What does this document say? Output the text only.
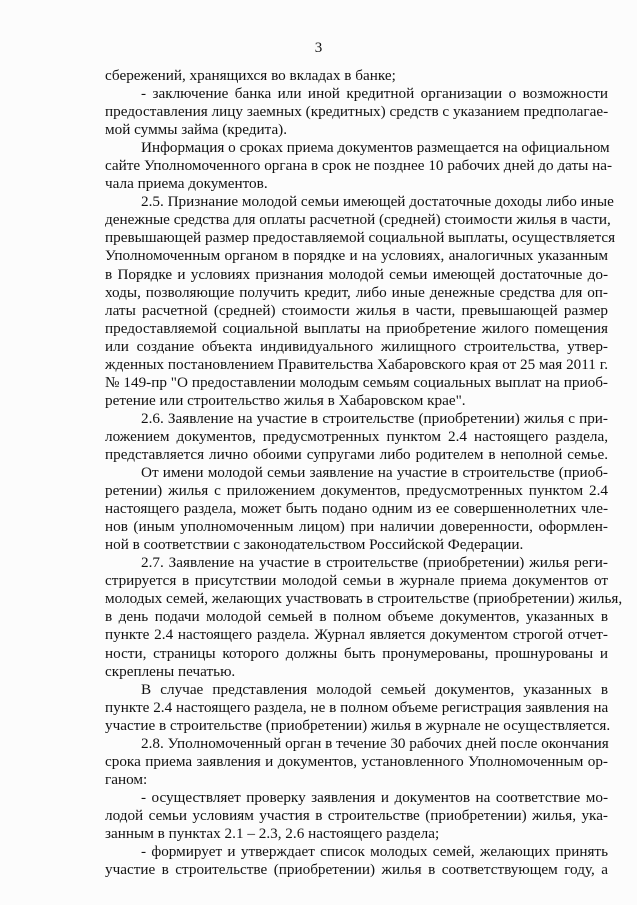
3
сбережений, хранящихся во вкладах в банке;
- заключение банка или иной кредитной организации о возможности
предоставления лицу заемных (кредитных) средств с указанием предполагае-
мой суммы займа (кредита).
Информация о сроках приема документов размещается на официальном
сайте Уполномоченного органа в срок не позднее 10 рабочих дней до даты на-
чала приема документов.
2.5. Признание молодой семьи имеющей достаточные доходы либо иные
денежные средства для оплаты расчетной (средней) стоимости жилья в части,
превышающей размер предоставляемой социальной выплаты, осуществляется
Уполномоченным органом в порядке и на условиях, аналогичных указанным
в Порядке и условиях признания молодой семьи имеющей достаточные до-
ходы, позволяющие получить кредит, либо иные денежные средства для оп-
латы расчетной (средней) стоимости жилья в части, превышающей размер
предоставляемой социальной выплаты на приобретение жилого помещения
или создание объекта индивидуального жилищного строительства, утвер-
жденных постановлением Правительства Хабаровского края от 25 мая 2011 г.
№ 149-пр "О предоставлении молодым семьям социальных выплат на приоб-
ретение или строительство жилья в Хабаровском крае".
2.6. Заявление на участие в строительстве (приобретении) жилья с при-
ложением документов, предусмотренных пунктом 2.4 настоящего раздела,
представляется лично обоими супругами либо родителем в неполной семье.
От имени молодой семьи заявление на участие в строительстве (приоб-
ретении) жилья с приложением документов, предусмотренных пунктом 2.4
настоящего раздела, может быть подано одним из ее совершеннолетних чле-
нов (иным уполномоченным лицом) при наличии доверенности, оформлен-
ной в соответствии с законодательством Российской Федерации.
2.7. Заявление на участие в строительстве (приобретении) жилья реги-
стрируется в присутствии молодой семьи в журнале приема документов от
молодых семей, желающих участвовать в строительстве (приобретении) жилья,
в день подачи молодой семьей в полном объеме документов, указанных в
пункте 2.4 настоящего раздела. Журнал является документом строгой отчет-
ности, страницы которого должны быть пронумерованы, прошнурованы и
скреплены печатью.
В случае представления молодой семьей документов, указанных в
пункте 2.4 настоящего раздела, не в полном объеме регистрация заявления на
участие в строительстве (приобретении) жилья в журнале не осуществляется.
2.8. Уполномоченный орган в течение 30 рабочих дней после окончания
срока приема заявления и документов, установленного Уполномоченным ор-
ганом:
- осуществляет проверку заявления и документов на соответствие мо-
лодой семьи условиям участия в строительстве (приобретении) жилья, ука-
занным в пунктах 2.1 – 2.3, 2.6 настоящего раздела;
- формирует и утверждает список молодых семей, желающих принять
участие в строительстве (приобретении) жилья в соответствующем году, а
